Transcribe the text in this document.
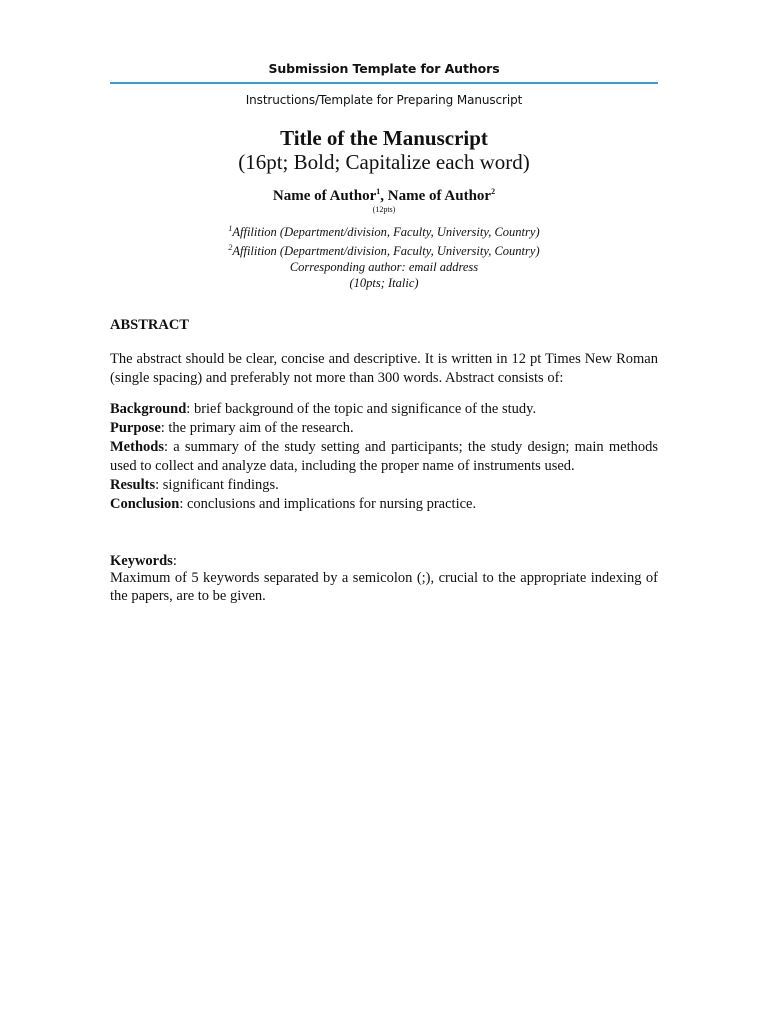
Submission Template for Authors
Instructions/Template for Preparing Manuscript
Title of the Manuscript
(16pt; Bold; Capitalize each word)
Name of Author$^1$, Name of Author$^2$
(12pts)
$^1$Affilition (Department/division, Faculty, University, Country)
$^2$Affilition (Department/division, Faculty, University, Country)
Corresponding author: email address
(10pts; Italic)
ABSTRACT
The abstract should be clear, concise and descriptive. It is written in 12 pt Times New Roman (single spacing) and preferably not more than 300 words. Abstract consists of:
Background: brief background of the topic and significance of the study.
Purpose: the primary aim of the research.
Methods: a summary of the study setting and participants; the study design; main methods used to collect and analyze data, including the proper name of instruments used.
Results: significant findings.
Conclusion: conclusions and implications for nursing practice.
Keywords:
Maximum of 5 keywords separated by a semicolon (;), crucial to the appropriate indexing of the papers, are to be given.
